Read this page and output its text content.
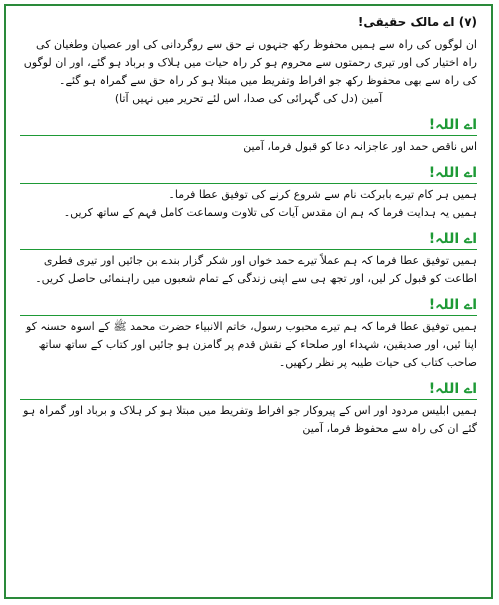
(۷) اے مالک حقیقی!

ان لوگوں کی راہ سے ہمیں محفوظ رکھ جنہوں نے حق سے روگردانی کی اور عصیان وطغیان کی راہ اختیار کی اور تیری رحمتوں سے محروم ہو کر راہ حیات میں ہلاک و برباد ہو گئے، اور ان لوگوں کی راہ سے بھی محفوظ رکھ جو افراط وتفریط میں مبتلا ہو کر راہ حق سے گمراہ ہو گئے۔

آمین (دل کی گہرائی کی صدا، اس لئے تحریر میں نہیں آتا)

اے اللہ!

اس ناقص حمد اور عاجزانہ دعا کو قبول فرما، آمین

اے اللہ!

ہمیں ہر کام تیرے بابرکت نام سے شروع کرنے کی توفیق عطا فرما۔

ہمیں یہ ہدایت فرما کہ ہم ان مقدس آیات کی تلاوت وسماعت کامل فہم کے ساتھ کریں۔

اے اللہ!

ہمیں توفیق عطا فرما کہ ہم عملاً تیرے حمد خواں اور شکر گزار بندے بن جائیں اور تیری فطری اطاعت کو قبول کر لیں، اور تجھ ہی سے اپنی زندگی کے تمام شعبوں میں راہنمائی حاصل کریں۔

اے اللہ!

ہمیں توفیق عطا فرما کہ ہم تیرے محبوب رسول، خاتم الانبیاء حضرت محمد ﷺ کے اسوہ حسنہ کو اپنا ئیں، اور صدیقین، شہداء اور صلحاء کے نقش قدم پر گامزن ہو جائیں اور کتاب کے ساتھ ساتھ صاحب کتاب کی حیات طیبہ پر نظر رکھیں۔

اے اللہ!

ہمیں ابلیس مردود اور اس کے پیروکار جو افراط وتفریط میں مبتلا ہو کر ہلاک و برباد اور گمراہ ہو گئے ان کی راہ سے محفوظ فرما، آمین
